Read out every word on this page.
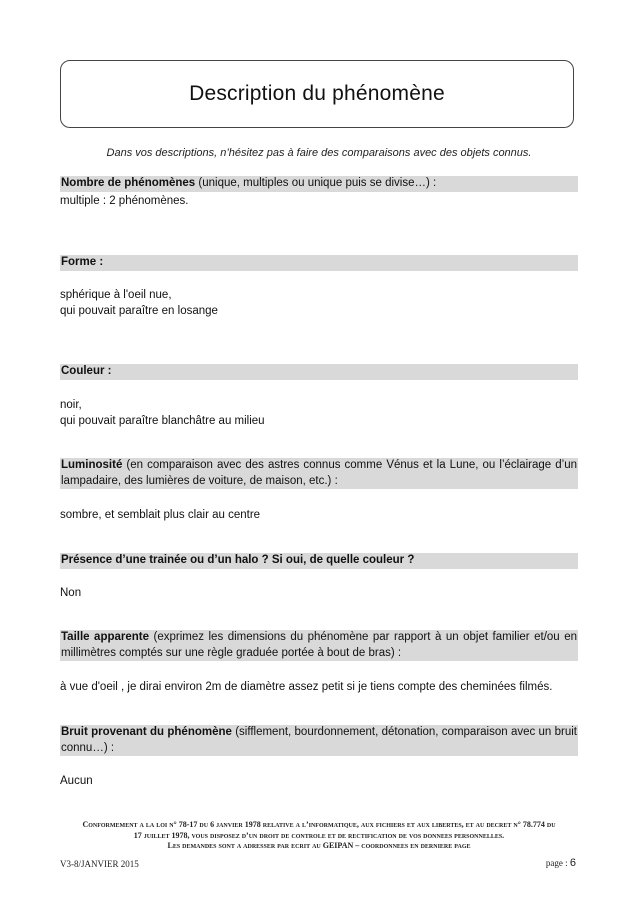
Description du phénomène
Dans vos descriptions, n’hésitez pas à faire des comparaisons avec des objets connus.
Nombre de phénomènes (unique, multiples ou unique puis se divise…) :
multiple : 2 phénomènes.
Forme :
sphérique à l'oeil nue,
qui pouvait paraître en losange
Couleur :
noir,
qui pouvait paraître blanchâtre au milieu
Luminosité (en comparaison avec des astres connus comme Vénus et la Lune, ou l’éclairage d’un lampadaire, des lumières de voiture, de maison, etc.) :
sombre, et semblait plus clair au centre
Présence d’une trainée ou d’un halo ? Si oui, de quelle couleur ?
Non
Taille apparente (exprimez les dimensions du phénomène par rapport à un objet familier et/ou en millimètres comptés sur une règle graduée portée à bout de bras) :
à vue d'oeil , je dirai environ 2m de diamètre assez petit si je tiens compte des cheminées filmés.
Bruit provenant du phénomène (sifflement, bourdonnement, détonation, comparaison avec un bruit connu…) :
Aucun
Conformement a la loi n° 78-17 du 6 janvier 1978 relative a l’informatique, aux fichiers et aux libertes, et au decret n° 78.774 du
17 juillet 1978, vous disposez d’un droit de controle et de rectification de vos donnees personnelles.
Les demandes sont a adresser par ecrit au GEIPAN – coordonnees en derniere page
V3-8/JANVIER 2015	page : 6
